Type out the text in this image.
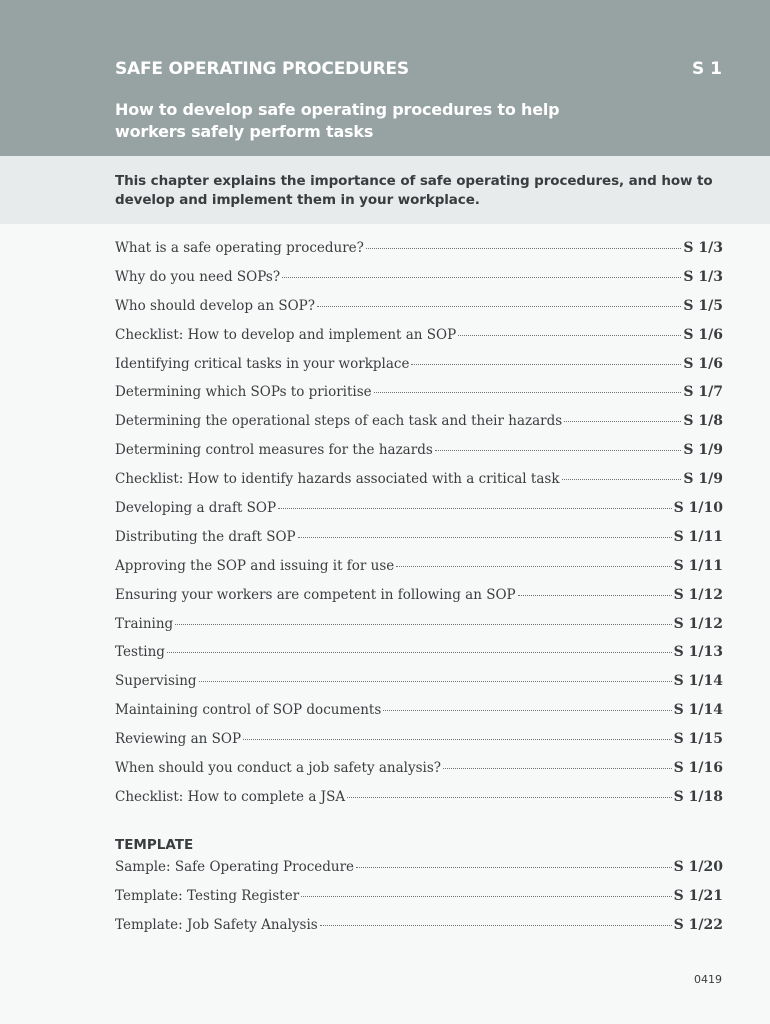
SAFE OPERATING PROCEDURES	S 1
How to develop safe operating procedures to help workers safely perform tasks
This chapter explains the importance of safe operating procedures, and how to develop and implement them in your workplace.
What is a safe operating procedure?	S 1/3
Why do you need SOPs?	S 1/3
Who should develop an SOP?	S 1/5
Checklist: How to develop and implement an SOP	S 1/6
Identifying critical tasks in your workplace	S 1/6
Determining which SOPs to prioritise	S 1/7
Determining the operational steps of each task and their hazards	S 1/8
Determining control measures for the hazards	S 1/9
Checklist: How to identify hazards associated with a critical task	S 1/9
Developing a draft SOP	S 1/10
Distributing the draft SOP	S 1/11
Approving the SOP and issuing it for use	S 1/11
Ensuring your workers are competent in following an SOP	S 1/12
Training	S 1/12
Testing	S 1/13
Supervising	S 1/14
Maintaining control of SOP documents	S 1/14
Reviewing an SOP	S 1/15
When should you conduct a job safety analysis?	S 1/16
Checklist: How to complete a JSA	S 1/18
TEMPLATE
Sample: Safe Operating Procedure	S 1/20
Template: Testing Register	S 1/21
Template: Job Safety Analysis	S 1/22
0419
